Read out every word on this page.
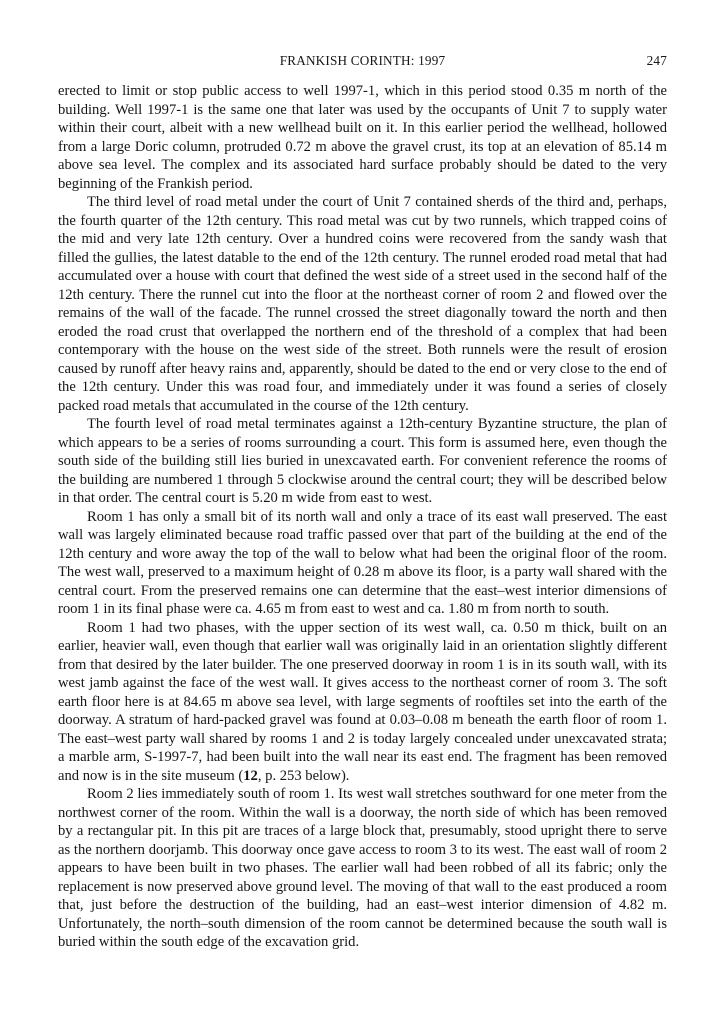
FRANKISH CORINTH: 1997	247

erected to limit or stop public access to well 1997-1, which in this period stood 0.35 m north of the building. Well 1997-1 is the same one that later was used by the occupants of Unit 7 to supply water within their court, albeit with a new wellhead built on it. In this earlier period the wellhead, hollowed from a large Doric column, protruded 0.72 m above the gravel crust, its top at an elevation of 85.14 m above sea level. The complex and its associated hard surface probably should be dated to the very beginning of the Frankish period.

The third level of road metal under the court of Unit 7 contained sherds of the third and, perhaps, the fourth quarter of the 12th century. This road metal was cut by two runnels, which trapped coins of the mid and very late 12th century. Over a hundred coins were recovered from the sandy wash that filled the gullies, the latest datable to the end of the 12th century. The runnel eroded road metal that had accumulated over a house with court that defined the west side of a street used in the second half of the 12th century. There the runnel cut into the floor at the northeast corner of room 2 and flowed over the remains of the wall of the facade. The runnel crossed the street diagonally toward the north and then eroded the road crust that overlapped the northern end of the threshold of a complex that had been contemporary with the house on the west side of the street. Both runnels were the result of erosion caused by runoff after heavy rains and, apparently, should be dated to the end or very close to the end of the 12th century. Under this was road four, and immediately under it was found a series of closely packed road metals that accumulated in the course of the 12th century.

The fourth level of road metal terminates against a 12th-century Byzantine structure, the plan of which appears to be a series of rooms surrounding a court. This form is assumed here, even though the south side of the building still lies buried in unexcavated earth. For convenient reference the rooms of the building are numbered 1 through 5 clockwise around the central court; they will be described below in that order. The central court is 5.20 m wide from east to west.

Room 1 has only a small bit of its north wall and only a trace of its east wall preserved. The east wall was largely eliminated because road traffic passed over that part of the building at the end of the 12th century and wore away the top of the wall to below what had been the original floor of the room. The west wall, preserved to a maximum height of 0.28 m above its floor, is a party wall shared with the central court. From the preserved remains one can determine that the east–west interior dimensions of room 1 in its final phase were ca. 4.65 m from east to west and ca. 1.80 m from north to south.

Room 1 had two phases, with the upper section of its west wall, ca. 0.50 m thick, built on an earlier, heavier wall, even though that earlier wall was originally laid in an orientation slightly different from that desired by the later builder. The one preserved doorway in room 1 is in its south wall, with its west jamb against the face of the west wall. It gives access to the northeast corner of room 3. The soft earth floor here is at 84.65 m above sea level, with large segments of rooftiles set into the earth of the doorway. A stratum of hard-packed gravel was found at 0.03–0.08 m beneath the earth floor of room 1. The east–west party wall shared by rooms 1 and 2 is today largely concealed under unexcavated strata; a marble arm, S-1997-7, had been built into the wall near its east end. The fragment has been removed and now is in the site museum (12, p. 253 below).

Room 2 lies immediately south of room 1. Its west wall stretches southward for one meter from the northwest corner of the room. Within the wall is a doorway, the north side of which has been removed by a rectangular pit. In this pit are traces of a large block that, presumably, stood upright there to serve as the northern doorjamb. This doorway once gave access to room 3 to its west. The east wall of room 2 appears to have been built in two phases. The earlier wall had been robbed of all its fabric; only the replacement is now preserved above ground level. The moving of that wall to the east produced a room that, just before the destruction of the building, had an east–west interior dimension of 4.82 m. Unfortunately, the north–south dimension of the room cannot be determined because the south wall is buried within the south edge of the excavation grid.
